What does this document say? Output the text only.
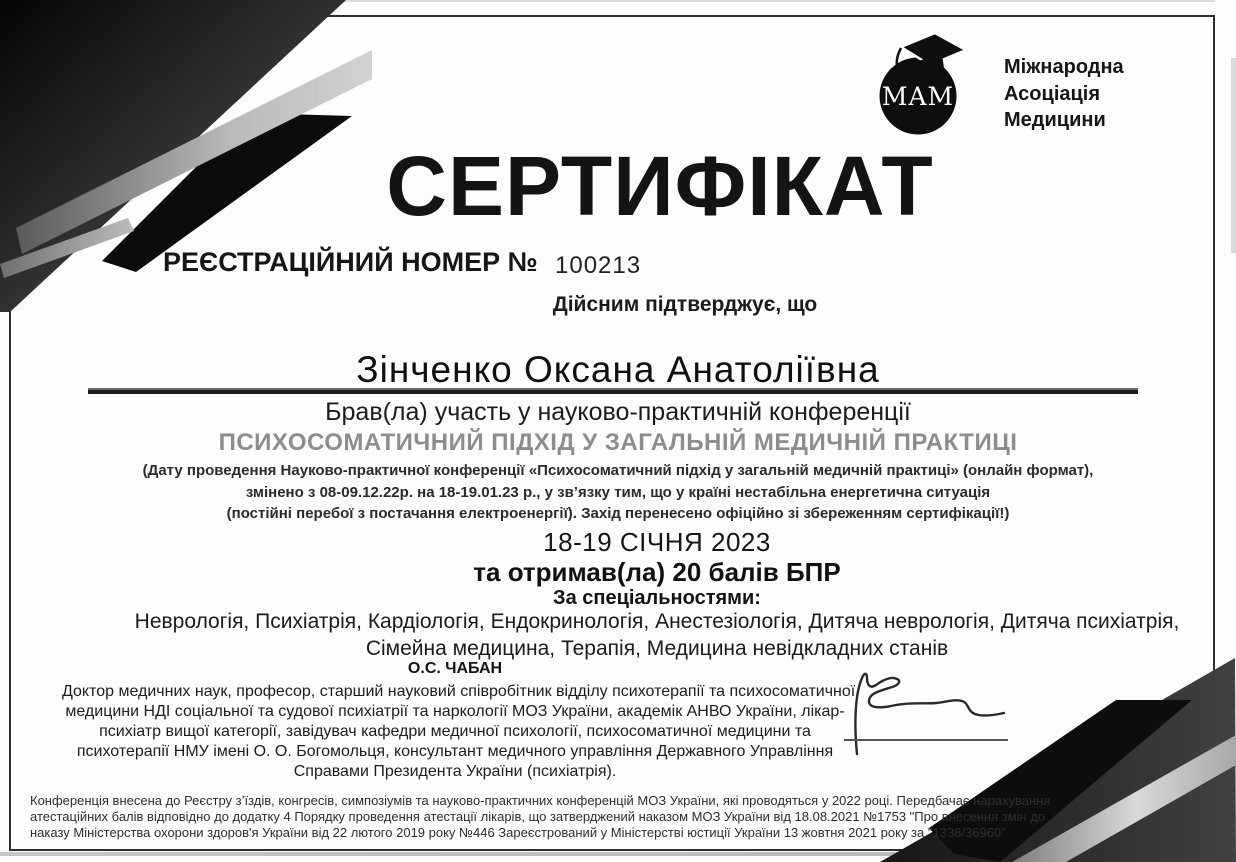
MAM
Міжнародна
Асоціація
Медицини
СЕРТИФІКАТ
РЕЄСТРАЦІЙНИЙ НОМЕР № 100213
Дійсним підтверджує, що
Зінченко Оксана Анатоліївна
Брав(ла) участь у науково-практичній конференції
ПСИХОСОМАТИЧНИЙ ПІДХІД У ЗАГАЛЬНІЙ МЕДИЧНІЙ ПРАКТИЦІ
(Дату проведення Науково-практичної конференції «Психосоматичний підхід у загальній медичній практиці» (онлайн формат),
змінено з 08-09.12.22р. на 18-19.01.23 р., у зв’язку тим, що у країні нестабільна енергетична ситуація
(постійні перебої з постачання електроенергії). Захід перенесено офіційно зі збереженням сертифікації!)
18-19 СІЧНЯ 2023
та отримав(ла) 20 балів БПР
За спеціальностями:
Неврологія, Психіатрія, Кардіологія, Ендокринологія, Анестезіологія, Дитяча неврологія, Дитяча психіатрія,
Сімейна медицина, Терапія, Медицина невідкладних станів
О.С. ЧАБАН
Доктор медичних наук, професор, старший науковий співробітник відділу психотерапії та психосоматичної
медицини НДІ соціальної та судової психіатрії та наркології МОЗ України, академік АНВО України, лікар-
психіатр вищої категорії, завідувач кафедри медичної психології, психосоматичної медицини та
психотерапії НМУ імені О. О. Богомольця, консультант медичного управління Державного Управління
Справами Президента України (психіатрія).
Конференція внесена до Реєстру з’їздів, конгресів, симпозіумів та науково-практичних конференцій МОЗ України, які проводяться у 2022 році. Передбачає нарахування
атестаційних балів відповідно до додатку 4 Порядку проведення атестації лікарів, що затверджений наказом МОЗ України від 18.08.2021 №1753 "Про внесення змін до
наказу Міністерства охорони здоров'я України від 22 лютого 2019 року №446 Зареєстрований у Міністерстві юстиції України 13 жовтня 2021 року за "1338/36960"
